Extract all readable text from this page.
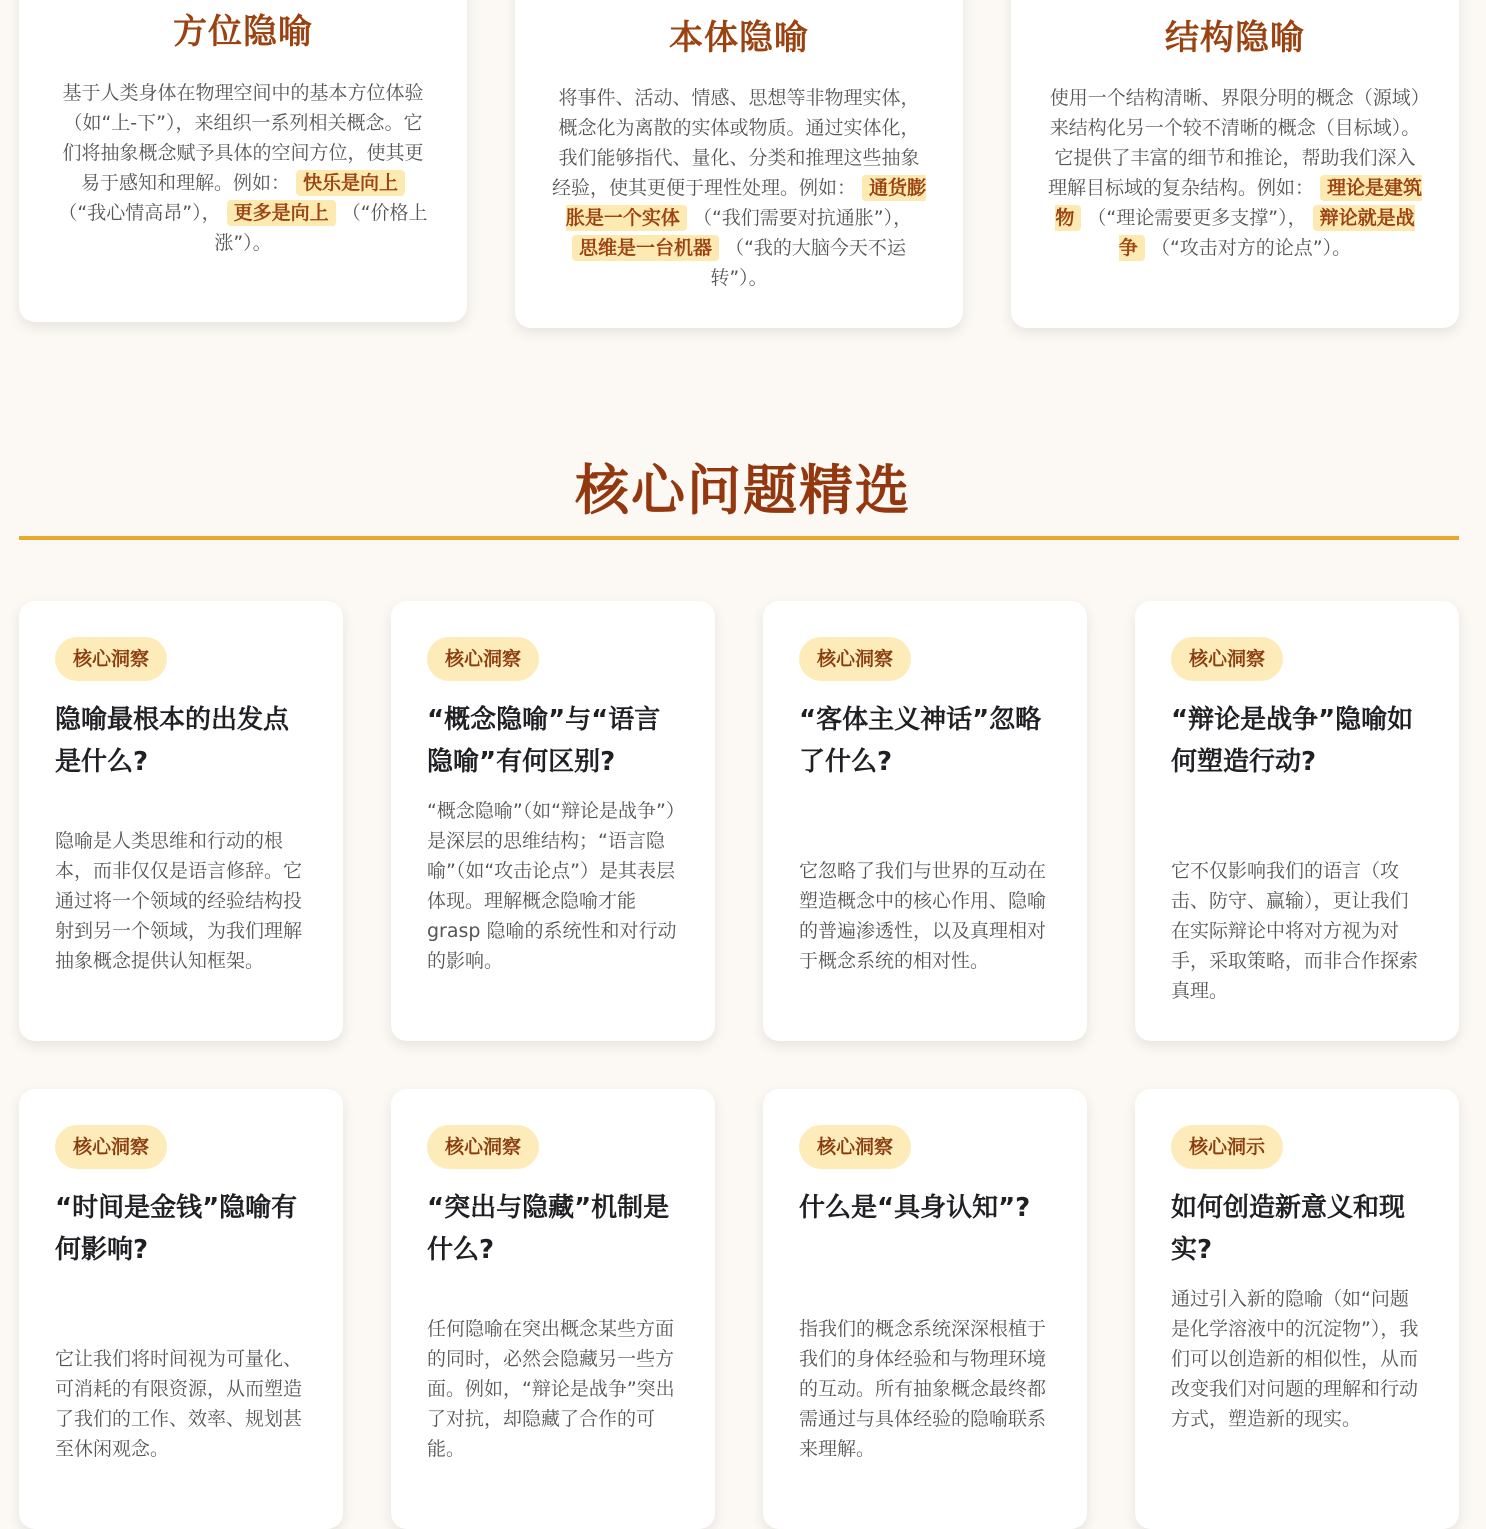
方位隐喻
基于人类身体在物理空间中的基本方位体验（如“上-下”），来组织一系列相关概念。它们将抽象概念赋予具体的空间方位，使其更易于感知和理解。例如： 快乐是向上 （“我心情高昂”）， 更多是向上 （“价格上涨”）。
本体隐喻
将事件、活动、情感、思想等非物理实体，概念化为离散的实体或物质。通过实体化，我们能够指代、量化、分类和推理这些抽象经验，使其更便于理性处理。例如： 通货膨胀是一个实体 （“我们需要对抗通胀”）， 思维是一台机器 （“我的大脑今天不运转”）。
结构隐喻
使用一个结构清晰、界限分明的概念（源域）来结构化另一个较不清晰的概念（目标域）。它提供了丰富的细节和推论，帮助我们深入理解目标域的复杂结构。例如： 理论是建筑物 （“理论需要更多支撑”）， 辩论就是战争 （“攻击对方的论点”）。
核心问题精选
核心洞察
隐喻最根本的出发点是什么?
隐喻是人类思维和行动的根本，而非仅仅是语言修辞。它通过将一个领域的经验结构投射到另一个领域，为我们理解抽象概念提供认知框架。
核心洞察
“概念隐喻”与“语言隐喻”有何区别?
“概念隐喻”（如“辩论是战争”）是深层的思维结构；“语言隐喻”（如“攻击论点”）是其表层体现。理解概念隐喻才能 grasp 隐喻的系统性和对行动的影响。
核心洞察
“客体主义神话”忽略了什么?
它忽略了我们与世界的互动在塑造概念中的核心作用、隐喻的普遍渗透性，以及真理相对于概念系统的相对性。
核心洞察
“辩论是战争”隐喻如何塑造行动?
它不仅影响我们的语言（攻击、防守、赢输），更让我们在实际辩论中将对方视为对手，采取策略，而非合作探索真理。
核心洞察
“时间是金钱”隐喻有何影响?
它让我们将时间视为可量化、可消耗的有限资源，从而塑造了我们的工作、效率、规划甚至休闲观念。
核心洞察
“突出与隐藏”机制是什么?
任何隐喻在突出概念某些方面的同时，必然会隐藏另一些方面。例如，“辩论是战争”突出了对抗，却隐藏了合作的可能。
核心洞察
什么是“具身认知”?
指我们的概念系统深深根植于我们的身体经验和与物理环境的互动。所有抽象概念最终都需通过与具体经验的隐喻联系来理解。
核心洞示
如何创造新意义和现实?
通过引入新的隐喻（如“问题是化学溶液中的沉淀物”），我们可以创造新的相似性，从而改变我们对问题的理解和行动方式，塑造新的现实。
